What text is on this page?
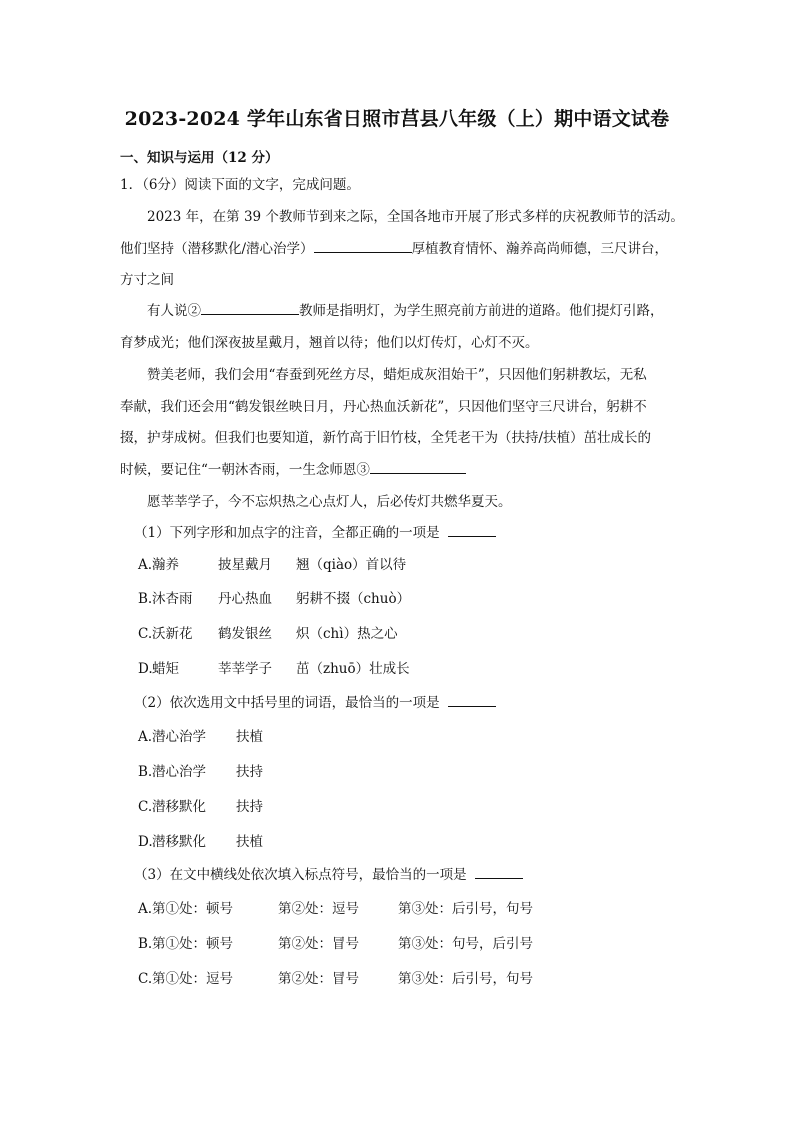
2023-2024 学年山东省日照市莒县八年级（上）期中语文试卷
一、知识与运用（12 分）
1．（6分）阅读下面的文字，完成问题。
2023 年，在第 39 个教师节到来之际，全国各地市开展了形式多样的庆祝教师节的活动。
他们坚持（潜移默化/潜心治学）	厚植教育情怀、瀚养高尚师德，三尺讲台，
方寸之间
有人说②	教师是指明灯，为学生照亮前方前进的道路。他们提灯引路，
育梦成光；他们深夜披星戴月，翘首以待；他们以灯传灯，心灯不灭。
赞美老师，我们会用“春蚕到死丝方尽，蜡炬成灰泪始干”，只因他们躬耕教坛，无私
奉献，我们还会用“鹤发银丝映日月，丹心热血沃新花”，只因他们坚守三尺讲台，躬耕不
掇，护芽成树。但我们也要知道，新竹高于旧竹枝，全凭老干为（扶持/扶植）茁壮成长的
时候，要记住“一朝沐杏雨，一生念师恩③
愿莘莘学子，今不忘炽热之心点灯人，后必传灯共燃华夏天。
（1）下列字形和加点字的注音，全都正确的一项是
A. 瀚养	披星戴月 翘（qiào）首以待
B. 沐杏雨 丹心热血 躬耕不掇（chuò）
C. 沃新花 鹤发银丝 炽（chì）热之心
D. 蜡矩	莘莘学子 茁（zhuō）壮成长
（2）依次选用文中括号里的词语，最恰当的一项是
A. 潜心治学 扶植
B. 潜心治学 扶持
C. 潜移默化 扶持
D. 潜移默化 扶植
（3）在文中横线处依次填入标点符号，最恰当的一项是
A. 第①处：顿号	第②处：逗号	第③处：后引号，句号
B. 第①处：顿号	第②处：冒号	第③处：句号，后引号
C. 第①处：逗号	第②处：冒号	第③处：后引号，句号
